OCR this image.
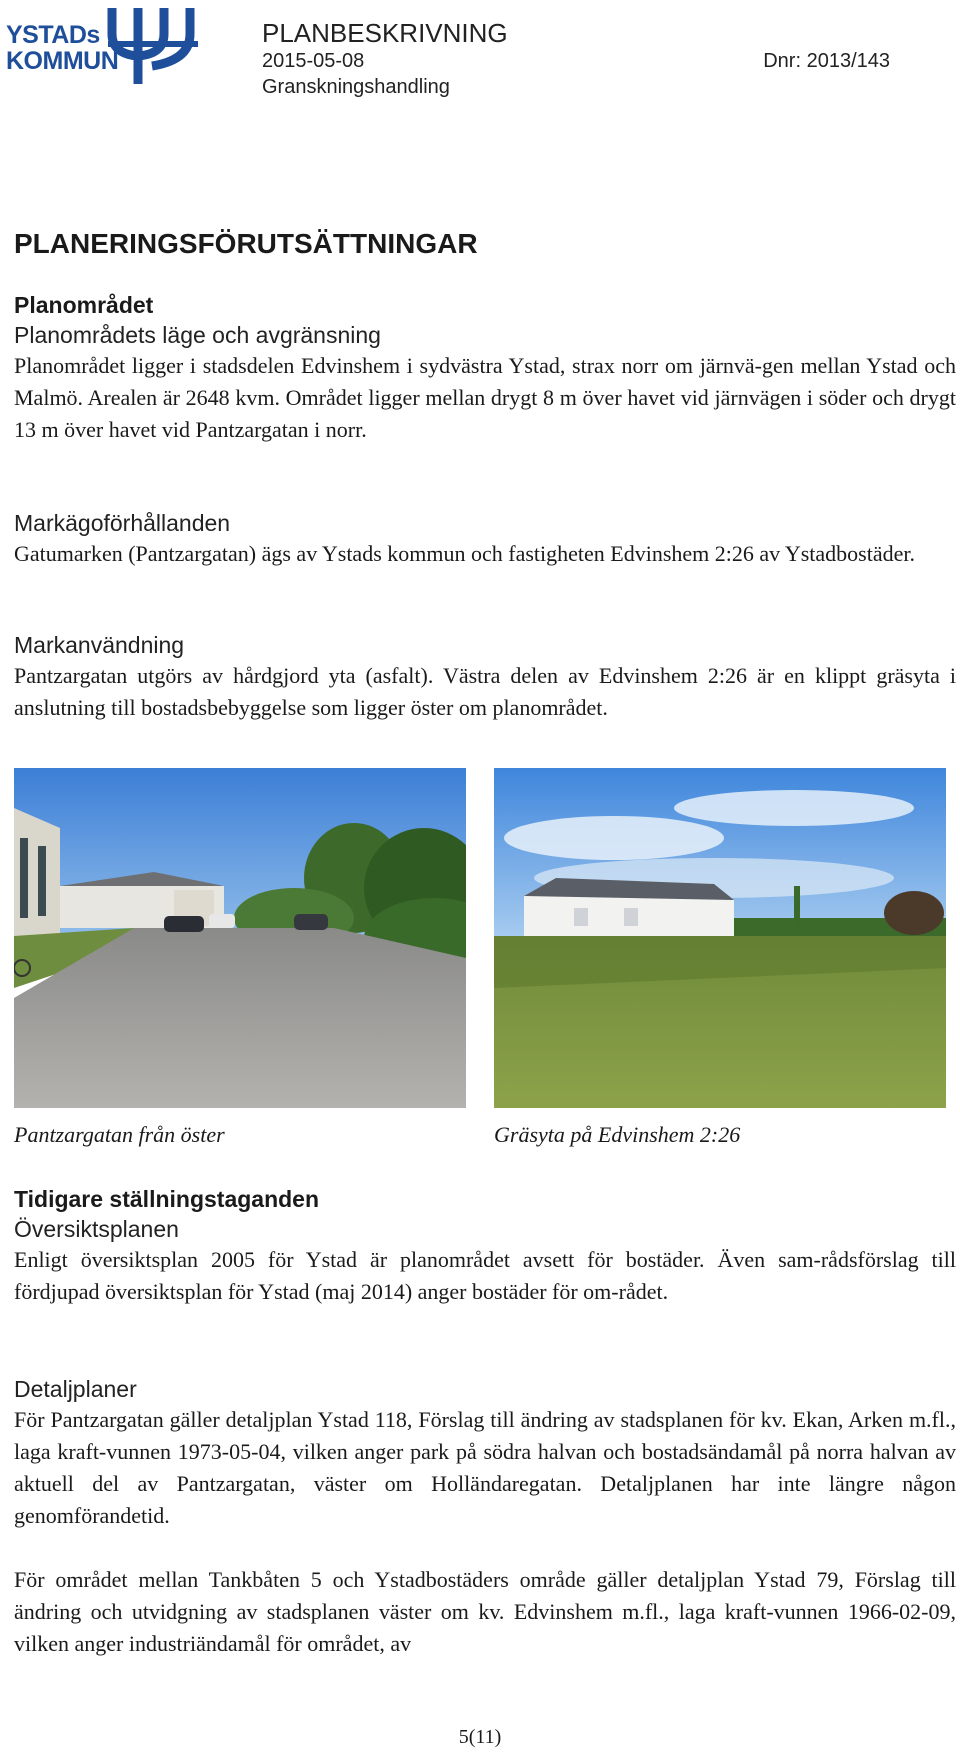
YSTADs
KOMMUN
PLANBESKRIVNING
2015-05-08	Dnr: 2013/143
Granskningshandling
PLANERINGSFÖRUTSÄTTNINGAR
Planområdet
Planområdets läge och avgränsning

Planområdet ligger i stadsdelen Edvinshem i sydvästra Ystad, strax norr om järnvä-gen mellan Ystad och Malmö. Arealen är 2648 kvm. Området ligger mellan drygt 8 m över havet vid järnvägen i söder och drygt 13 m över havet vid Pantzargatan i norr.

Markägoförhållanden

Gatumarken (Pantzargatan) ägs av Ystads kommun och fastigheten Edvinshem 2:26 av Ystadbostäder.

Markanvändning

Pantzargatan utgörs av hårdgjord yta (asfalt). Västra delen av Edvinshem 2:26 är en klippt gräsyta i anslutning till bostadsbebyggelse som ligger öster om planområdet.

Pantzargatan från öster	Gräsyta på Edvinshem 2:26
Tidigare ställningstaganden
Översiktsplanen

Enligt översiktsplan 2005 för Ystad är planområdet avsett för bostäder. Även sam-rådsförslag till fördjupad översiktsplan för Ystad (maj 2014) anger bostäder för om-rådet.

Detaljplaner

För Pantzargatan gäller detaljplan Ystad 118, Förslag till ändring av stadsplanen för kv. Ekan, Arken m.fl., laga kraft-vunnen 1973-05-04, vilken anger park på södra halvan och bostadsändamål på norra halvan av aktuell del av Pantzargatan, väster om Holländaregatan. Detaljplanen har inte längre någon genomförandetid.

För området mellan Tankbåten 5 och Ystadbostäders område gäller detaljplan Ystad 79, Förslag till ändring och utvidgning av stadsplanen väster om kv. Edvinshem m.fl., laga kraft-vunnen 1966-02-09, vilken anger industriändamål för området, av

5(11)
